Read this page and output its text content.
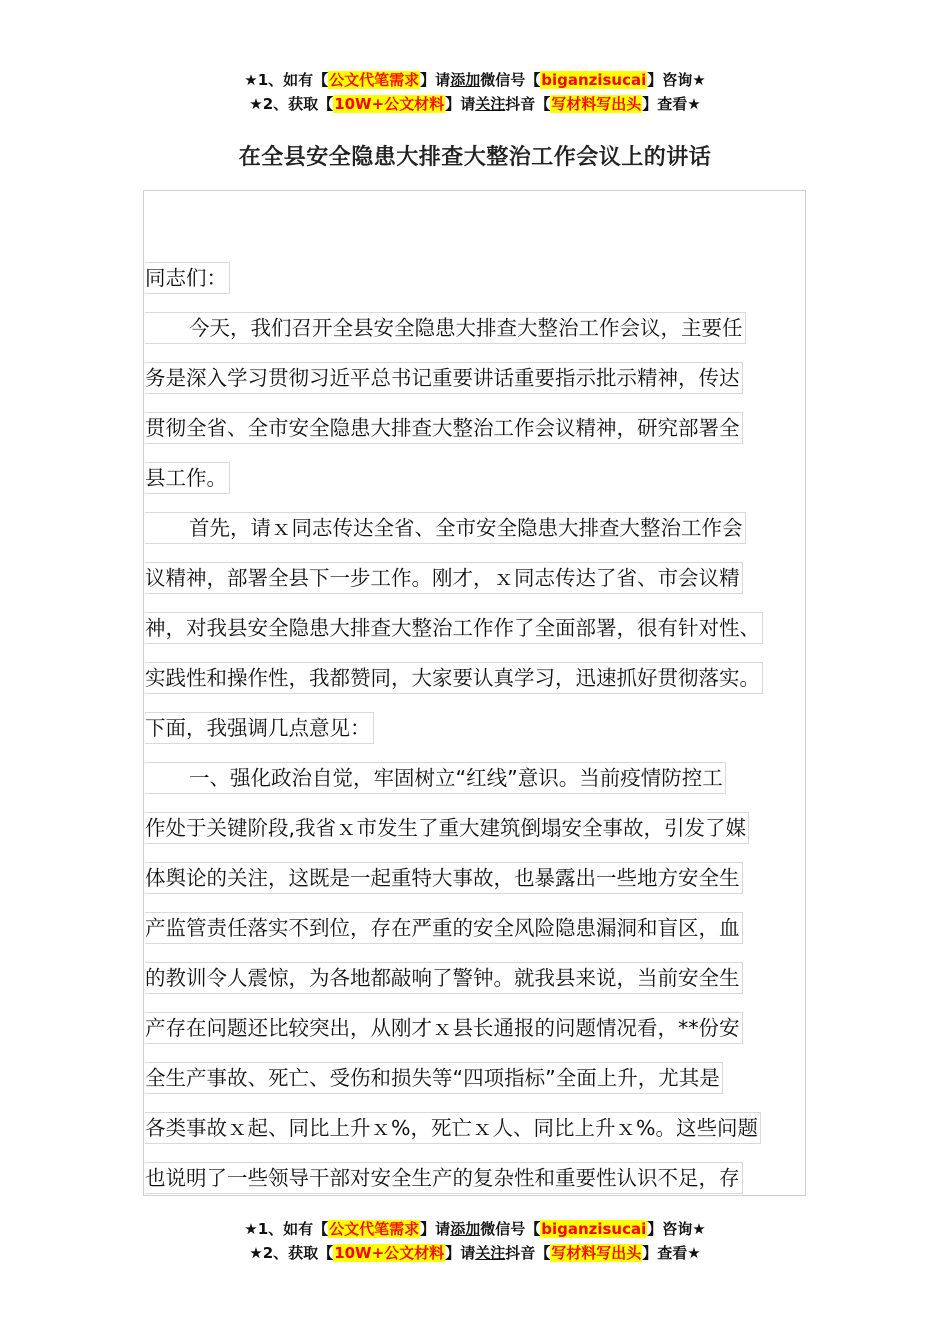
★1、如有【公文代笔需求】请添加微信号【biganzisucai】咨询★
★2、获取【10W+公文材料】请关注抖音【写材料写出头】查看★
在全县安全隐患大排查大整治工作会议上的讲话
同志们：
今天，我们召开全县安全隐患大排查大整治工作会议，主要任
务是深入学习贯彻习近平总书记重要讲话重要指示批示精神，传达
贯彻全省、全市安全隐患大排查大整治工作会议精神，研究部署全
县工作。
首先，请ｘ同志传达全省、全市安全隐患大排查大整治工作会
议精神，部署全县下一步工作。刚才，ｘ同志传达了省、市会议精
神，对我县安全隐患大排查大整治工作作了全面部署，很有针对性、
实践性和操作性，我都赞同，大家要认真学习，迅速抓好贯彻落实。
下面，我强调几点意见：
一、强化政治自觉，牢固树立“红线”意识。当前疫情防控工
作处于关键阶段,我省ｘ市发生了重大建筑倒塌安全事故，引发了媒
体舆论的关注，这既是一起重特大事故，也暴露出一些地方安全生
产监管责任落实不到位，存在严重的安全风险隐患漏洞和盲区，血
的教训令人震惊，为各地都敲响了警钟。就我县来说，当前安全生
产存在问题还比较突出，从刚才ｘ县长通报的问题情况看，**份安
全生产事故、死亡、受伤和损失等“四项指标”全面上升，尤其是
各类事故ｘ起、同比上升ｘ%，死亡ｘ人、同比上升ｘ%。这些问题
也说明了一些领导干部对安全生产的复杂性和重要性认识不足，存
★1、如有【公文代笔需求】请添加微信号【biganzisucai】咨询★
★2、获取【10W+公文材料】请关注抖音【写材料写出头】查看★
